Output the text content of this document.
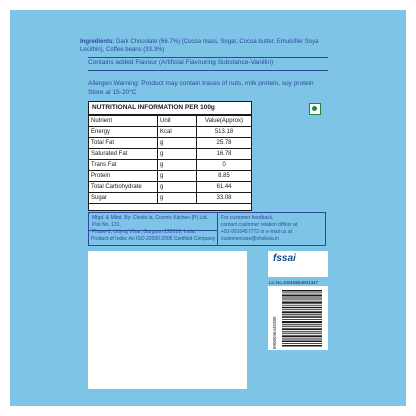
Ingredients: Dark Chocolate (66.7%) (Cocoa mass, Sugar, Cocoa butter, Emulsifier Soya Lecithin), Coffee beans (33.3%)
Contains added Flavour (Artificial Flavouring Substance-Vanillin)
Allergen Warning: Product may contain traces of nuts, milk protein, soy protein
Store at 15-20°C
NUTRITIONAL INFORMATION PER 100g
Nutrient	Unit	Value(Approx)
Energy	Kcal	513.18
Total Fat	g	25.78
Saturated Fat	g	16.78
Trans Fat	g	0
Protein	g	8.85
Total Carbohydrate	g	61.44
Sugar	g	33.08
Mfgd. & Mktd. By: Choko la, Cosmic Kitchen (P) Ltd. Plot No. 131,
Phase-1, Udyog Vihar, Gurgaon 122016, India.
Product of India: An ISO 22000:2005 Certified Company
For customer feedback,
contact customer relation officer at
+91-9910457772 or e-mail us at
customercare@chokola.in
fssai
Lic.No.10018664001447
8906046440380
